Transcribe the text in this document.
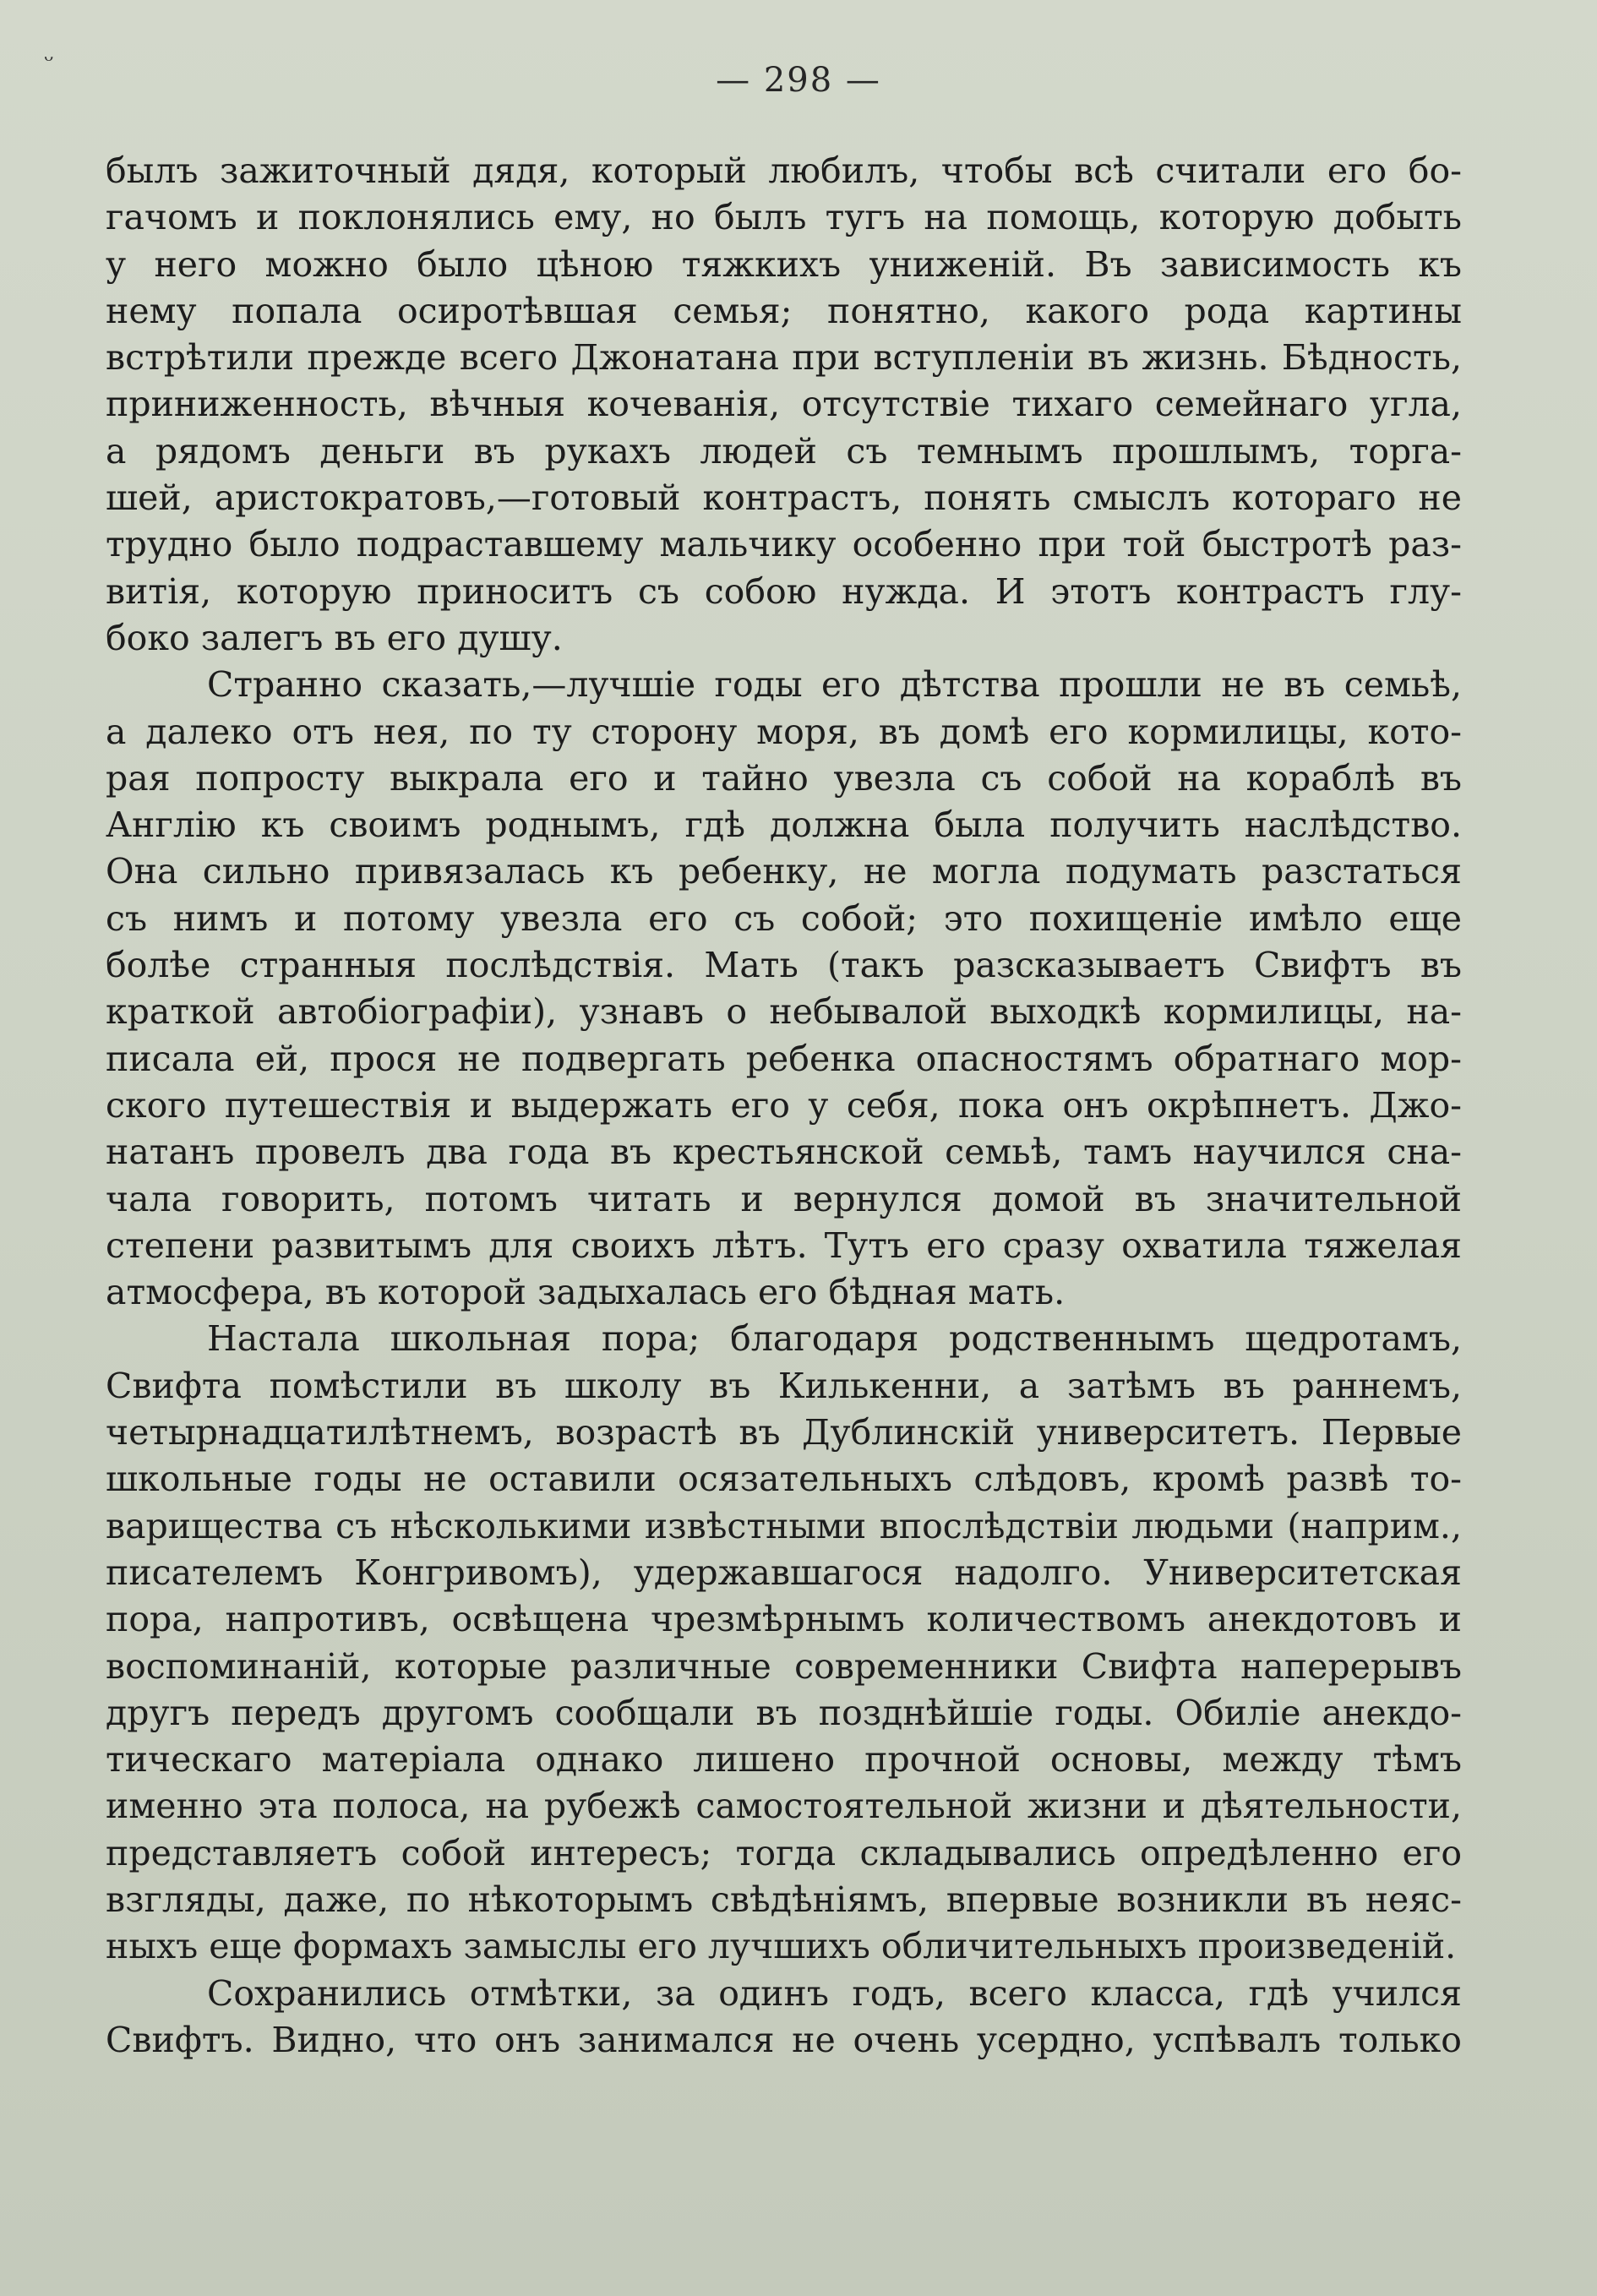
ᵕ	— 298 —
былъ зажиточный дядя, который любилъ, чтобы всѣ считали его бо-
гачомъ и поклонялись ему, но былъ тугъ на помощь, которую добыть
у него можно было цѣною тяжкихъ униженій. Въ зависимость къ
нему попала осиротѣвшая семья; понятно, какого рода картины
встрѣтили прежде всего Джонатана при вступленіи въ жизнь. Бѣдность,
приниженность, вѣчныя кочеванія, отсутствіе тихаго семейнаго угла,
а рядомъ деньги въ рукахъ людей съ темнымъ прошлымъ, торга-
шей, аристократовъ,—готовый контрастъ, понять смыслъ котораго не
трудно было подраставшему мальчику особенно при той быстротѣ раз-
витія, которую приноситъ съ собою нужда. И этотъ контрастъ глу-
боко залегъ въ его душу.
Странно сказать,—лучшіе годы его дѣтства прошли не въ семьѣ,
а далеко отъ нея, по ту сторону моря, въ домѣ его кормилицы, кото-
рая попросту выкрала его и тайно увезла съ собой на кораблѣ въ
Англію къ своимъ роднымъ, гдѣ должна была получить наслѣдство.
Она сильно привязалась къ ребенку, не могла подумать разстаться
съ нимъ и потому увезла его съ собой; это похищеніе имѣло еще
болѣе странныя послѣдствія. Мать (такъ разсказываетъ Свифтъ въ
краткой автобіографіи), узнавъ о небывалой выходкѣ кормилицы, на-
писала ей, прося не подвергать ребенка опасностямъ обратнаго мор-
ского путешествія и выдержать его у себя, пока онъ окрѣпнетъ. Джо-
натанъ провелъ два года въ крестьянской семьѣ, тамъ научился сна-
чала говорить, потомъ читать и вернулся домой въ значительной
степени развитымъ для своихъ лѣтъ. Тутъ его сразу охватила тяжелая
атмосфера, въ которой задыхалась его бѣдная мать.
Настала школьная пора; благодаря родственнымъ щедротамъ,
Свифта помѣстили въ школу въ Килькенни, а затѣмъ въ раннемъ,
четырнадцатилѣтнемъ, возрастѣ въ Дублинскій университетъ. Первые
школьные годы не оставили осязательныхъ слѣдовъ, кромѣ развѣ то-
варищества съ нѣсколькими извѣстными впослѣдствіи людьми (наприм.,
писателемъ Конгривомъ), удержавшагося надолго. Университетская
пора, напротивъ, освѣщена чрезмѣрнымъ количествомъ анекдотовъ и
воспоминаній, которые различные современники Свифта наперерывъ
другъ передъ другомъ сообщали въ позднѣйшіе годы. Обиліе анекдо-
тическаго матеріала однако лишено прочной основы, между тѣмъ
именно эта полоса, на рубежѣ самостоятельной жизни и дѣятельности,
представляетъ собой интересъ; тогда складывались опредѣленно его
взгляды, даже, по нѣкоторымъ свѣдѣніямъ, впервые возникли въ неяс-
ныхъ еще формахъ замыслы его лучшихъ обличительныхъ произведеній.
Сохранились отмѣтки, за одинъ годъ, всего класса, гдѣ учился
Свифтъ. Видно, что онъ занимался не очень усердно, успѣвалъ только
